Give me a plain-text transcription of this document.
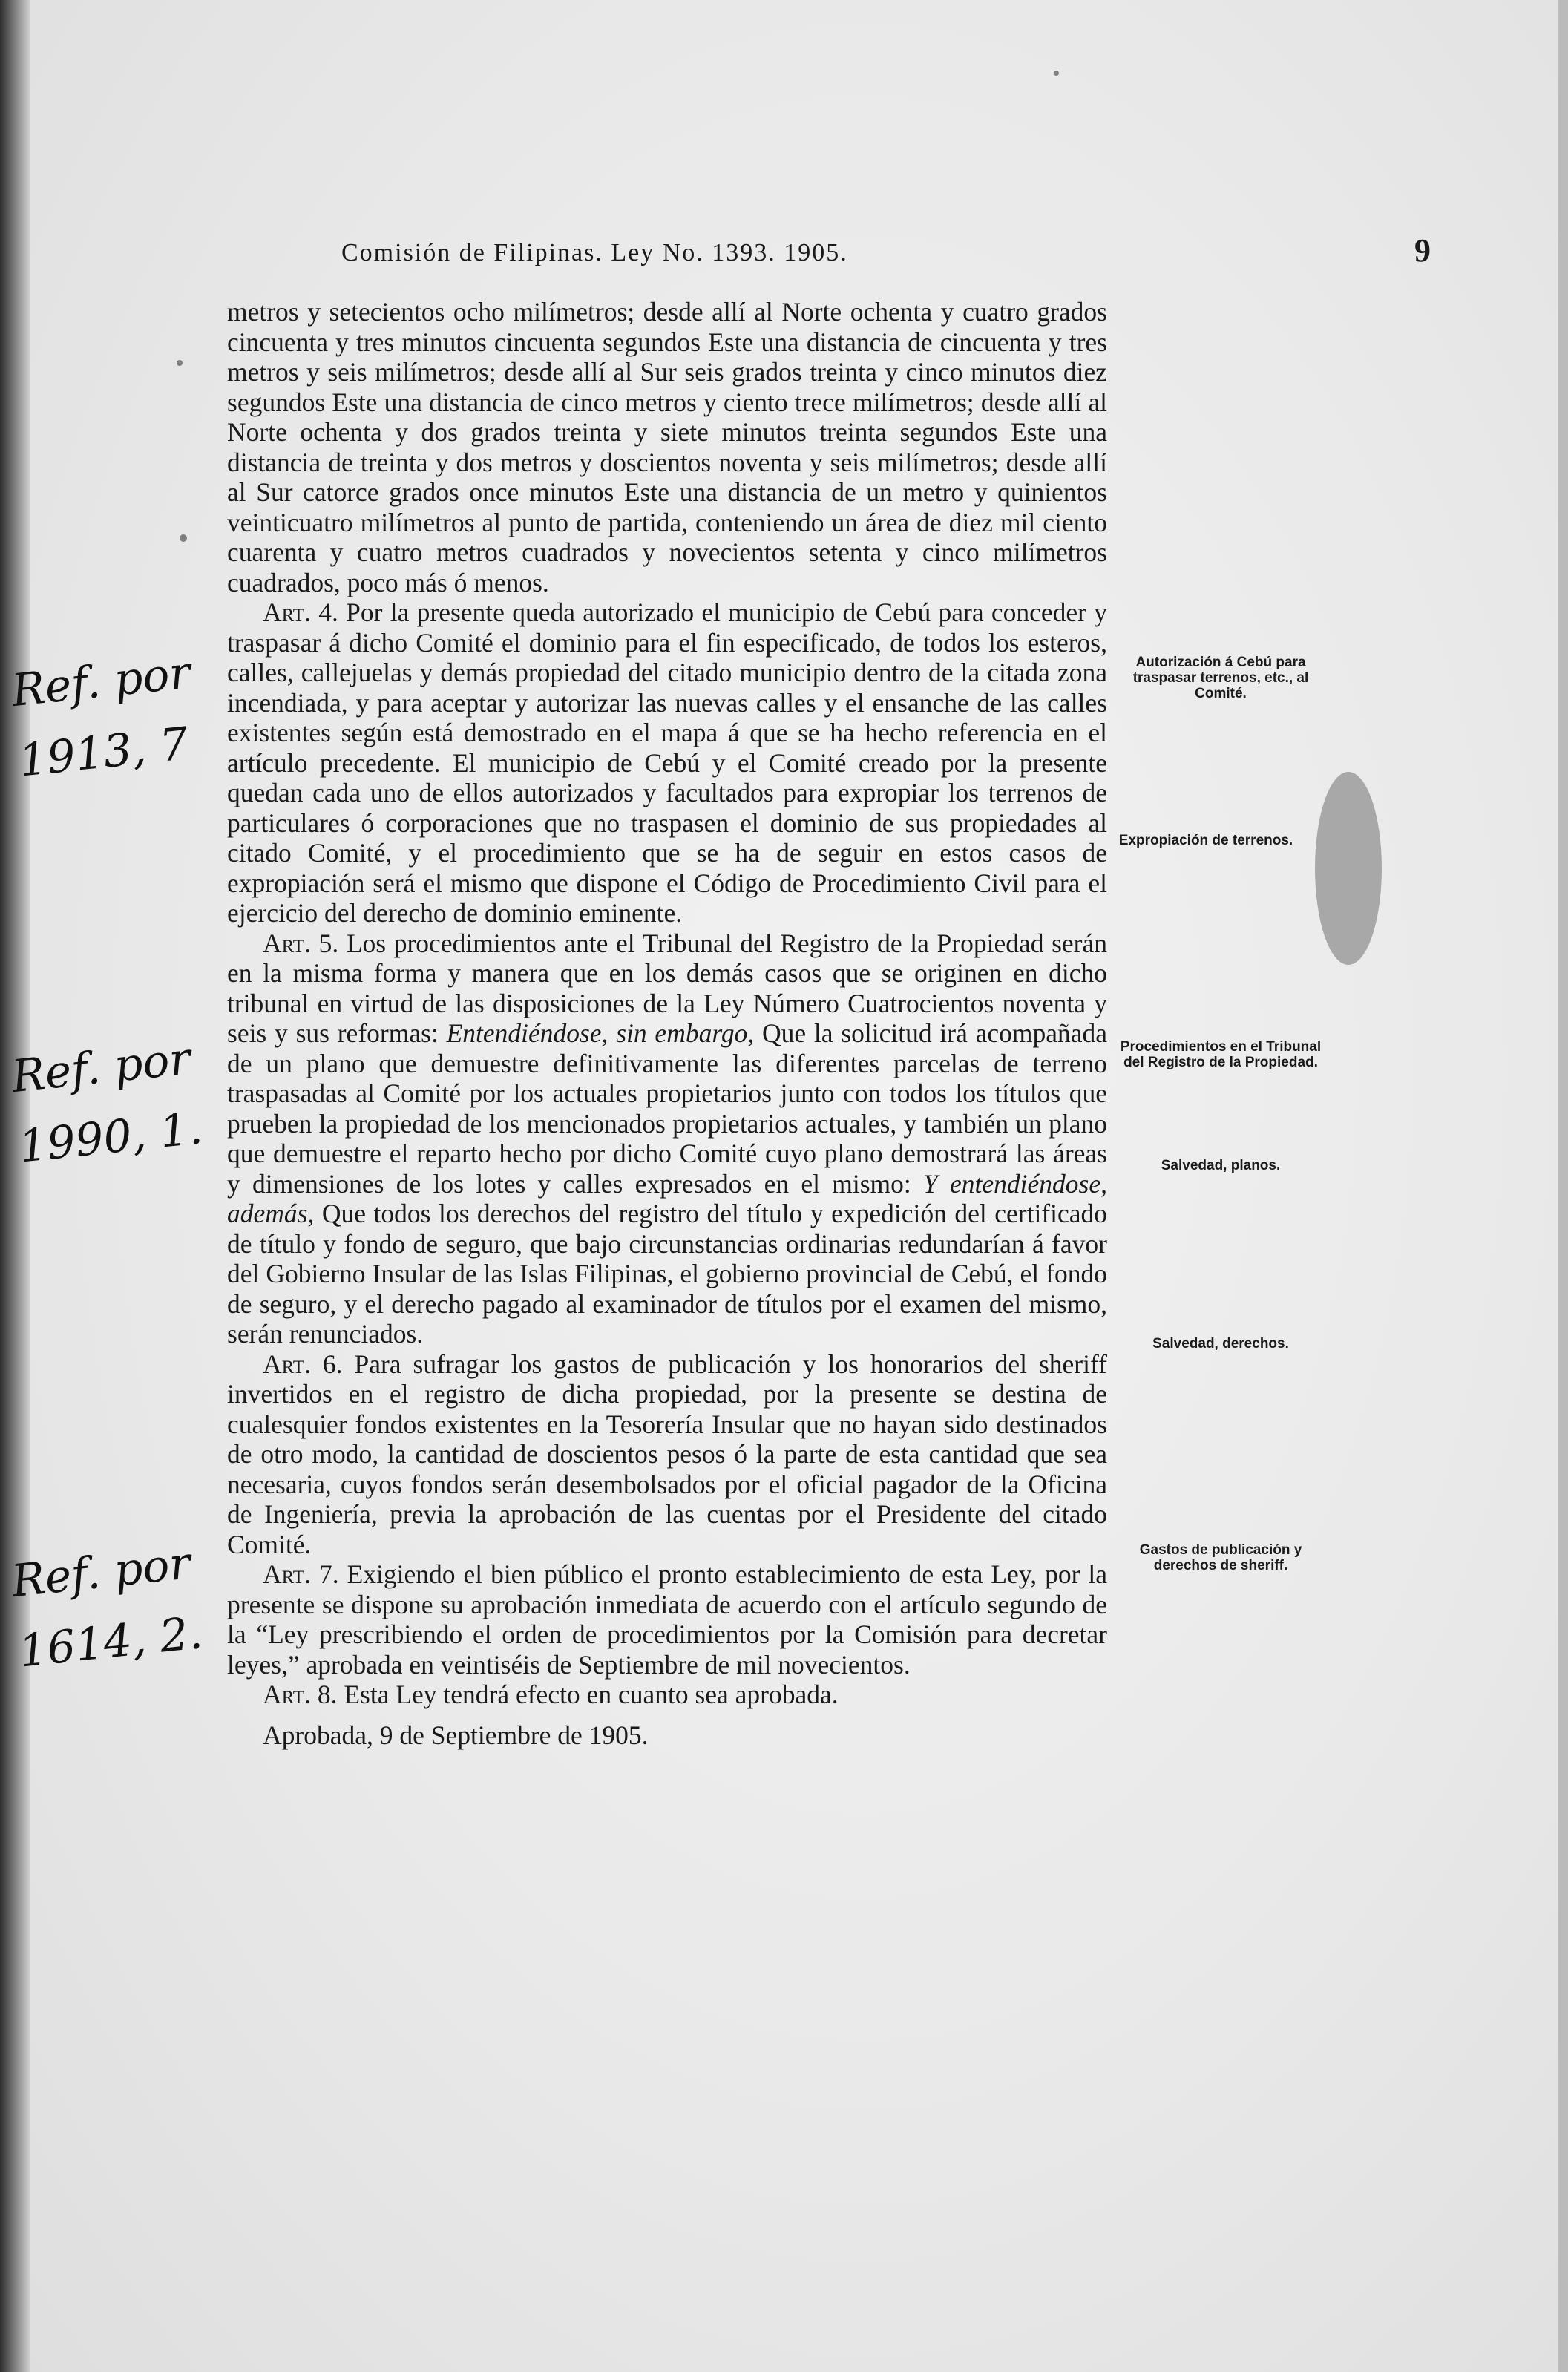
Comisión de Filipinas. Ley No. 1393. 1905.	9

metros y setecientos ocho milímetros; desde allí al Norte ochenta y cuatro grados cincuenta y tres minutos cincuenta segundos Este una distancia de cincuenta y tres metros y seis milímetros; desde allí al Sur seis grados treinta y cinco minutos diez segundos Este una distancia de cinco metros y ciento trece milímetros; desde allí al Norte ochenta y dos grados treinta y siete minutos treinta segundos Este una distancia de treinta y dos metros y doscientos noventa y seis milímetros; desde allí al Sur catorce grados once minutos Este una distancia de un metro y quinientos veinticuatro milímetros al punto de partida, conteniendo un área de diez mil ciento cuarenta y cuatro metros cuadrados y novecientos setenta y cinco milímetros cuadrados, poco más ó menos.

Art. 4. Por la presente queda autorizado el municipio de Cebú para conceder y traspasar á dicho Comité el dominio para el fin especificado, de todos los esteros, calles, callejuelas y demás propiedad del citado municipio dentro de la citada zona incendiada, y para aceptar y autorizar las nuevas calles y el ensanche de las calles existentes según está demostrado en el mapa á que se ha hecho referencia en el artículo precedente. El municipio de Cebú y el Comité creado por la presente quedan cada uno de ellos autorizados y facultados para expropiar los terrenos de particulares ó corporaciones que no traspasen el dominio de sus propiedades al citado Comité, y el procedimiento que se ha de seguir en estos casos de expropiación será el mismo que dispone el Código de Procedimiento Civil para el ejercicio del derecho de dominio eminente.

Art. 5. Los procedimientos ante el Tribunal del Registro de la Propiedad serán en la misma forma y manera que en los demás casos que se originen en dicho tribunal en virtud de las disposiciones de la Ley Número Cuatrocientos noventa y seis y sus reformas: Entendiéndose, sin embargo, Que la solicitud irá acompañada de un plano que demuestre definitivamente las diferentes parcelas de terreno traspasadas al Comité por los actuales propietarios junto con todos los títulos que prueben la propiedad de los mencionados propietarios actuales, y también un plano que demuestre el reparto hecho por dicho Comité cuyo plano demostrará las áreas y dimensiones de los lotes y calles expresados en el mismo: Y entendiéndose, además, Que todos los derechos del registro del título y expedición del certificado de título y fondo de seguro, que bajo circunstancias ordinarias redundarían á favor del Gobierno Insular de las Islas Filipinas, el gobierno provincial de Cebú, el fondo de seguro, y el derecho pagado al examinador de títulos por el examen del mismo, serán renunciados.

Art. 6. Para sufragar los gastos de publicación y los honorarios del sheriff invertidos en el registro de dicha propiedad, por la presente se destina de cualesquier fondos existentes en la Tesorería Insular que no hayan sido destinados de otro modo, la cantidad de doscientos pesos ó la parte de esta cantidad que sea necesaria, cuyos fondos serán desembolsados por el oficial pagador de la Oficina de Ingeniería, previa la aprobación de las cuentas por el Presidente del citado Comité.

Art. 7. Exigiendo el bien público el pronto establecimiento de esta Ley, por la presente se dispone su aprobación inmediata de acuerdo con el artículo segundo de la “Ley prescribiendo el orden de procedimientos por la Comisión para decretar leyes,” aprobada en veintiséis de Septiembre de mil novecientos.

Art. 8. Esta Ley tendrá efecto en cuanto sea aprobada.

Aprobada, 9 de Septiembre de 1905.

Autorización á Cebú para traspasar terrenos, etc., al Comité.
Expropiación de terrenos.
Procedimientos en el Tribunal del Registro de la Propiedad.
Salvedad, planos.
Salvedad, derechos.
Gastos de publicación y derechos de sheriff.
Ref. por 1913, 7
Ref. por 1990, 1.
Ref. por 1614, 2.
